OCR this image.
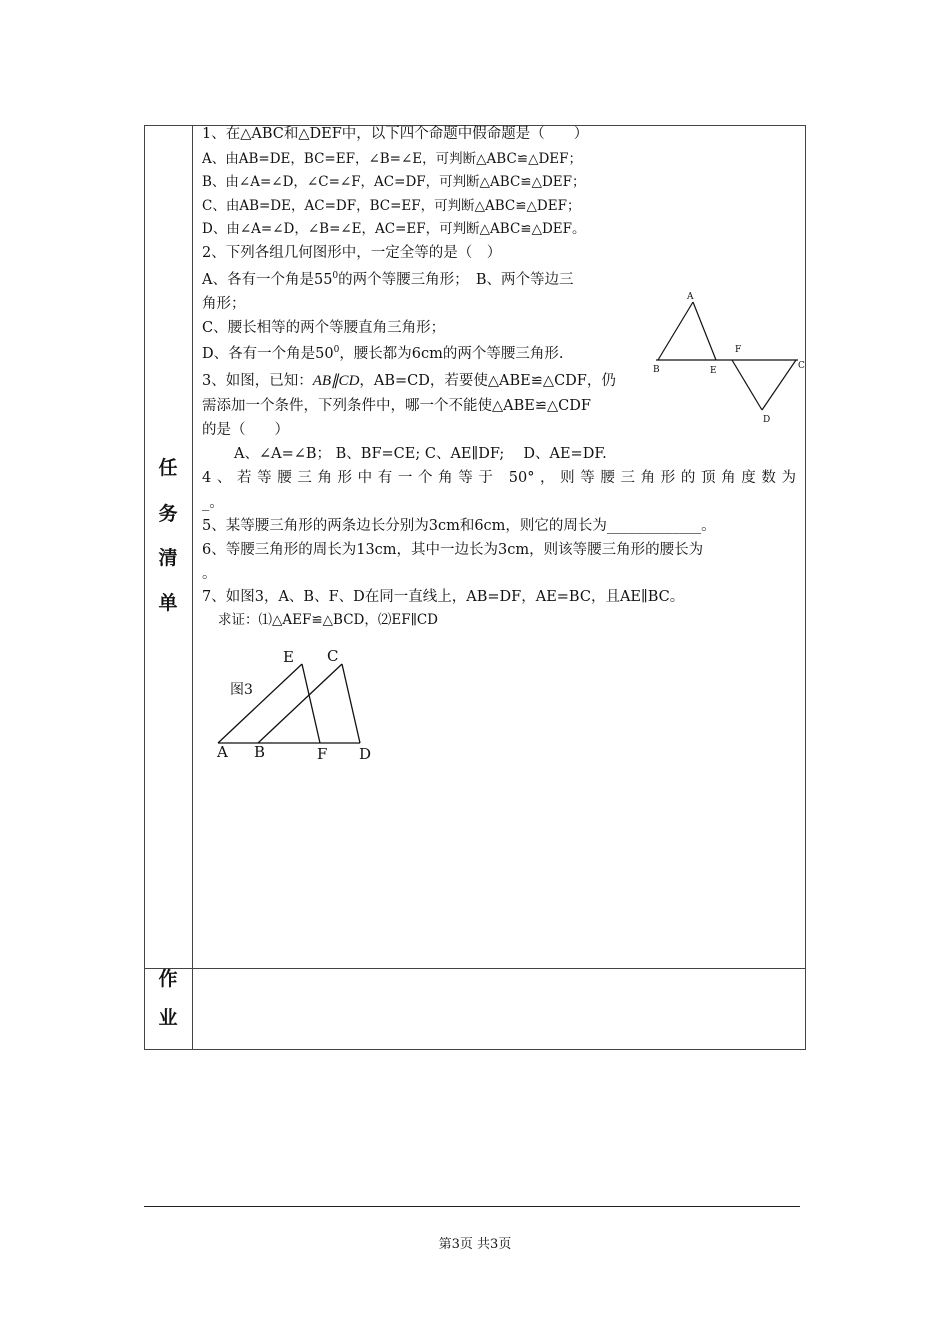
任
务
清
单
作
业
1、在△ABC和△DEF中，以下四个命题中假命题是（　　）
A、由AB=DE，BC=EF，∠B=∠E，可判断△ABC≌△DEF；
B、由∠A=∠D，∠C=∠F，AC=DF，可判断△ABC≌△DEF；
C、由AB=DE，AC=DF，BC=EF，可判断△ABC≌△DEF；
D、由∠A=∠D，∠B=∠E，AC=EF，可判断△ABC≌△DEF。
2、下列各组几何图形中，一定全等的是（　）
A、各有一个角是$55^0$的两个等腰三角形；　B、两个等边三
角形；
C、腰长相等的两个等腰直角三角形；
D、各有一个角是$50^0$，腰长都为6cm的两个等腰三角形.
3、如图，已知：AB∥CD，AB=CD，若要使△ABE≌△CDF，仍
需添加一个条件，下列条件中，哪一个不能使△ABE≌△CDF
的是（　　）
A、∠A=∠B； B、BF=CE; C、AE∥DF;　 D、AE=DF.
A
B	E
F
C
D
4、若等腰三角形中有一个角等于 50°，则等腰三角形的顶角度数为
_。
5、某等腰三角形的两条边长分别为3cm和6cm，则它的周长为_____________。
6、等腰三角形的周长为13cm，其中一边长为3cm，则该等腰三角形的腰长为
。
7、如图3，A、B、F、D在同一直线上，AB=DF，AE=BC，且AE∥BC。
求证：⑴△AEF≌△BCD，⑵EF∥CD
E C
A B	F D
图3
第3页 共3页
